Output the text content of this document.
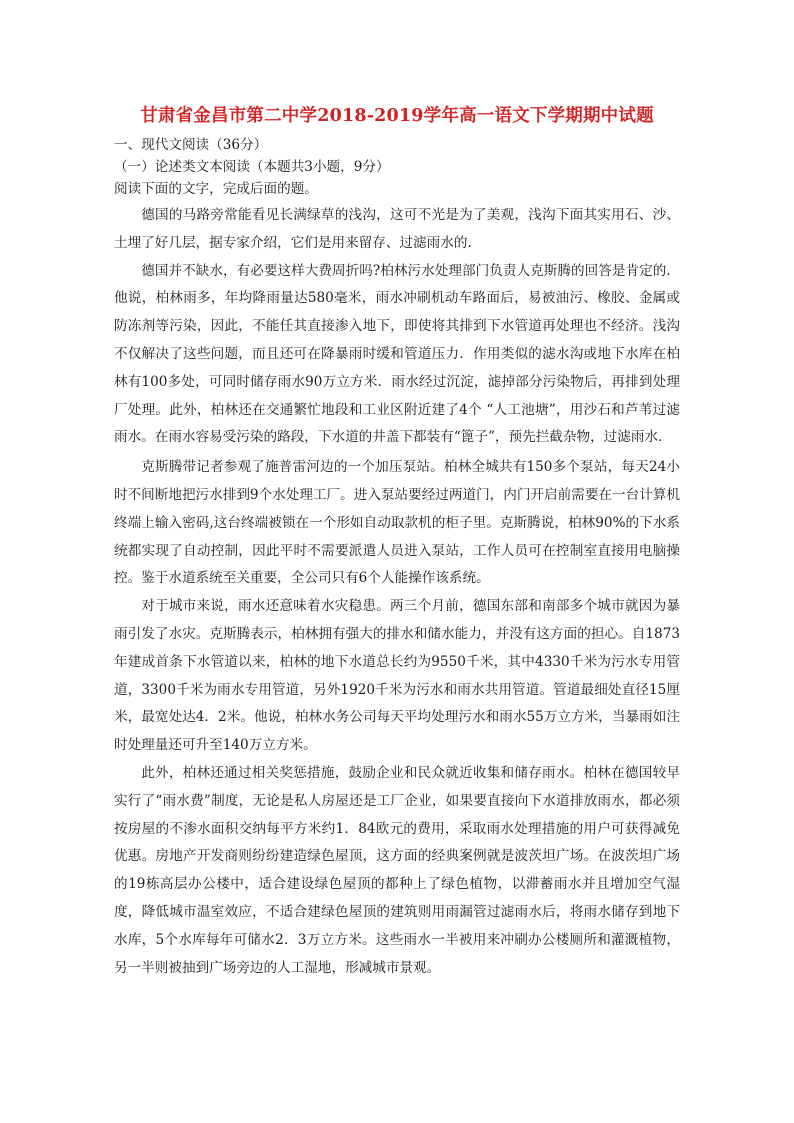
甘肃省金昌市第二中学2018-2019学年高一语文下学期期中试题

一、现代文阅读（36分）

（一）论述类文本阅读（本题共3小题，9分）

阅读下面的文字，完成后面的题。

德国的马路旁常能看见长满绿草的浅沟，这可不光是为了美观，浅沟下面其实用石、沙、土埋了好几层，据专家介绍，它们是用来留存、过滤雨水的.

德国并不缺水，有必要这样大费周折吗?柏林污水处理部门负责人克斯腾的回答是肯定的．他说，柏林雨多，年均降雨量达580毫米，雨水冲刷机动车路面后，易被油污、橡胶、金属或防冻剂等污染，因此，不能任其直接渗入地下，即使将其排到下水管道再处理也不经济。浅沟不仅解决了这些问题，而且还可在降暴雨时缓和管道压力．作用类似的滤水沟或地下水库在柏林有100多处，可同时储存雨水90万立方米．雨水经过沉淀，滤掉部分污染物后，再排到处理厂处理。此外，柏林还在交通繁忙地段和工业区附近建了4个 “人工池塘”，用沙石和芦苇过滤雨水。在雨水容易受污染的路段，下水道的井盖下都装有“篦子”，预先拦截杂物，过滤雨水．

克斯腾带记者参观了施普雷河边的一个加压泵站。柏林全城共有150多个泵站，每天24小时不间断地把污水排到9个水处理工厂。进入泵站要经过两道门，内门开启前需要在一台计算机终端上输入密码,这台终端被锁在一个形如自动取款机的柜子里。克斯腾说，柏林90%的下水系统都实现了自动控制，因此平时不需要派遣人员进入泵站，工作人员可在控制室直接用电脑操控。鉴于水道系统至关重要，全公司只有6个人能操作该系统。

对于城市来说，雨水还意味着水灾稳患。两三个月前，德国东部和南部多个城市就因为暴雨引发了水灾。克斯腾表示，柏林拥有强大的排水和储水能力，并没有这方面的担心。自1873年建成首条下水管道以来，柏林的地下水道总长约为9550千米，其中4330千米为污水专用管道，3300千米为雨水专用管道，另外1920千米为污水和雨水共用管道。管道最细处直径15厘米，最宽处达4．2米。他说，柏林水务公司每天平均处理污水和雨水55万立方米，当暴雨如注时处理量还可升至140万立方米。

此外，柏林还通过相关奖惩措施，鼓励企业和民众就近收集和储存雨水。柏林在德国较早实行了“雨水费”制度，无论是私人房屋还是工厂企业，如果要直接向下水道排放雨水，都必须按房屋的不渗水面积交纳每平方米约1．84欧元的费用，采取雨水处理措施的用户可获得减免优惠。房地产开发商则纷纷建造绿色屋顶，这方面的经典案例就是波茨坦广场。在波茨坦广场的19栋高层办公楼中，适合建设绿色屋顶的都种上了绿色植物，以滞蓄雨水并且增加空气湿度，降低城市温室效应，不适合建绿色屋顶的建筑则用雨漏管过滤雨水后，将雨水储存到地下水库，5个水库每年可储水2．3万立方米。这些雨水一半被用来冲刷办公楼厕所和灌溉植物，另一半则被抽到广场旁边的人工湿地，形减城市景观。
